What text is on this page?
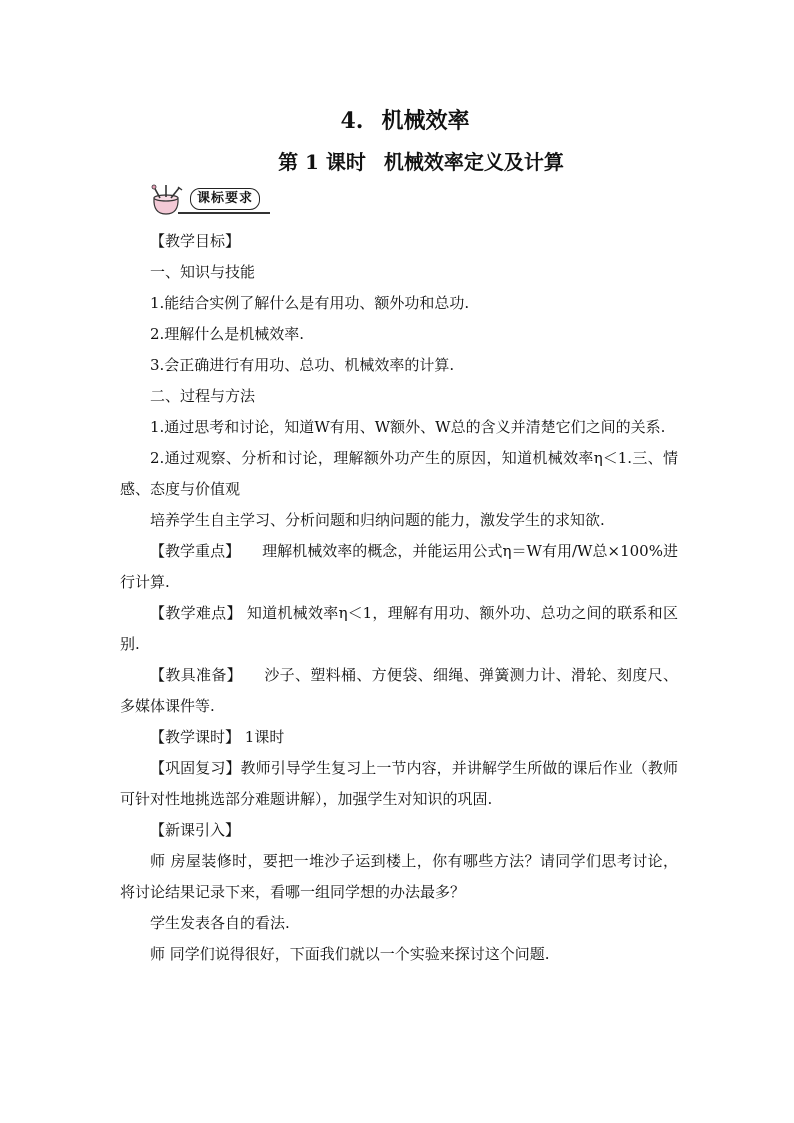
4. 机械效率
第 1 课时 机械效率定义及计算
课标要求

【教学目标】

一、知识与技能

1.能结合实例了解什么是有用功、额外功和总功.

2.理解什么是机械效率.

3.会正确进行有用功、总功、机械效率的计算.

二、过程与方法

1.通过思考和讨论，知道W有用、W额外、W总的含义并清楚它们之间的关系.

2.通过观察、分析和讨论，理解额外功产生的原因，知道机械效率η＜1.三、情感、态度与价值观

培养学生自主学习、分析问题和归纳问题的能力，激发学生的求知欲.

【教学重点】 理解机械效率的概念，并能运用公式η＝W有用/W总×100%进行计算.

【教学难点】 知道机械效率η＜1，理解有用功、额外功、总功之间的联系和区别.

【教具准备】 沙子、塑料桶、方便袋、细绳、弹簧测力计、滑轮、刻度尺、多媒体课件等.

【教学课时】 1课时

【巩固复习】教师引导学生复习上一节内容，并讲解学生所做的课后作业（教师可针对性地挑选部分难题讲解），加强学生对知识的巩固.

【新课引入】

师 房屋装修时，要把一堆沙子运到楼上，你有哪些方法？请同学们思考讨论，将讨论结果记录下来，看哪一组同学想的办法最多？

学生发表各自的看法.

师 同学们说得很好，下面我们就以一个实验来探讨这个问题.
